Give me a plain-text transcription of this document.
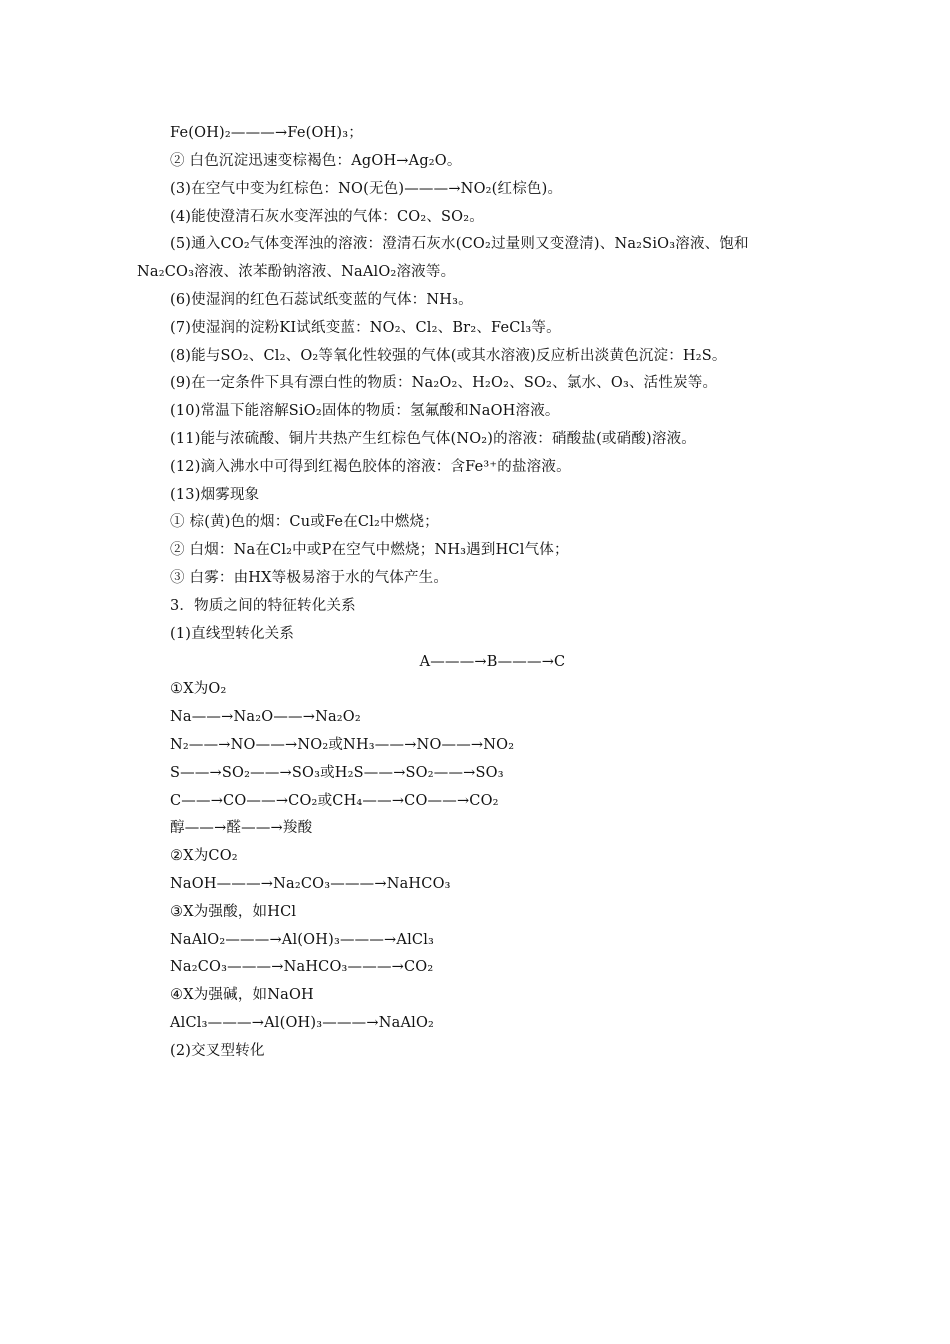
Fe(OH)₂———→Fe(OH)₃；
② 白色沉淀迅速变棕褐色：AgOH→Ag₂O。
(3)在空气中变为红棕色：NO(无色)———→NO₂(红棕色)。
(4)能使澄清石灰水变浑浊的气体：CO₂、SO₂。
(5)通入CO₂气体变浑浊的溶液：澄清石灰水(CO₂过量则又变澄清)、Na₂SiO₃溶液、饱和
Na₂CO₃溶液、浓苯酚钠溶液、NaAlO₂溶液等。
(6)使湿润的红色石蕊试纸变蓝的气体：NH₃。
(7)使湿润的淀粉KI试纸变蓝：NO₂、Cl₂、Br₂、FeCl₃等。
(8)能与SO₂、Cl₂、O₂等氧化性较强的气体(或其水溶液)反应析出淡黄色沉淀：H₂S。
(9)在一定条件下具有漂白性的物质：Na₂O₂、H₂O₂、SO₂、氯水、O₃、活性炭等。
(10)常温下能溶解SiO₂固体的物质：氢氟酸和NaOH溶液。
(11)能与浓硫酸、铜片共热产生红棕色气体(NO₂)的溶液：硝酸盐(或硝酸)溶液。
(12)滴入沸水中可得到红褐色胶体的溶液：含Fe³⁺的盐溶液。
(13)烟雾现象
① 棕(黄)色的烟：Cu或Fe在Cl₂中燃烧；
② 白烟：Na在Cl₂中或P在空气中燃烧；NH₃遇到HCl气体；
③ 白雾：由HX等极易溶于水的气体产生。
3．物质之间的特征转化关系
(1)直线型转化关系
A———→B———→C
①X为O₂
Na——→Na₂O——→Na₂O₂
N₂——→NO——→NO₂或NH₃——→NO——→NO₂
S——→SO₂——→SO₃或H₂S——→SO₂——→SO₃
C——→CO——→CO₂或CH₄——→CO——→CO₂
醇——→醛——→羧酸
②X为CO₂
NaOH———→Na₂CO₃———→NaHCO₃
③X为强酸，如HCl
NaAlO₂———→Al(OH)₃———→AlCl₃
Na₂CO₃———→NaHCO₃———→CO₂
④X为强碱，如NaOH
AlCl₃———→Al(OH)₃———→NaAlO₂
(2)交叉型转化
